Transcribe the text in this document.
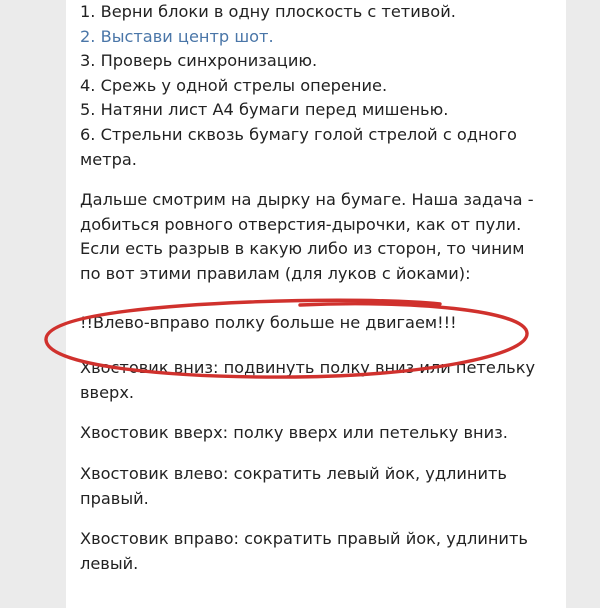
1. Верни блоки в одну плоскость с тетивой.
2. Выстави центр шот.
3. Проверь синхронизацию.
4. Срежь у одной стрелы оперение.
5. Натяни лист А4 бумаги перед мишенью.
6. Стрельни сквозь бумагу голой стрелой с одного метра.

Дальше смотрим на дырку на бумаге. Наша задача - добиться ровного отверстия-дырочки, как от пули. Если есть разрыв в какую либо из сторон, то чиним по вот этими правилам (для луков с йоками):

!!Влево-вправо полку больше не двигаем!!!

Хвостовик вниз: подвинуть полку вниз или петельку вверх.

Хвостовик вверх: полку вверх или петельку вниз.

Хвостовик влево: сократить левый йок, удлинить правый.

Хвостовик вправо: сократить правый йок, удлинить левый.
